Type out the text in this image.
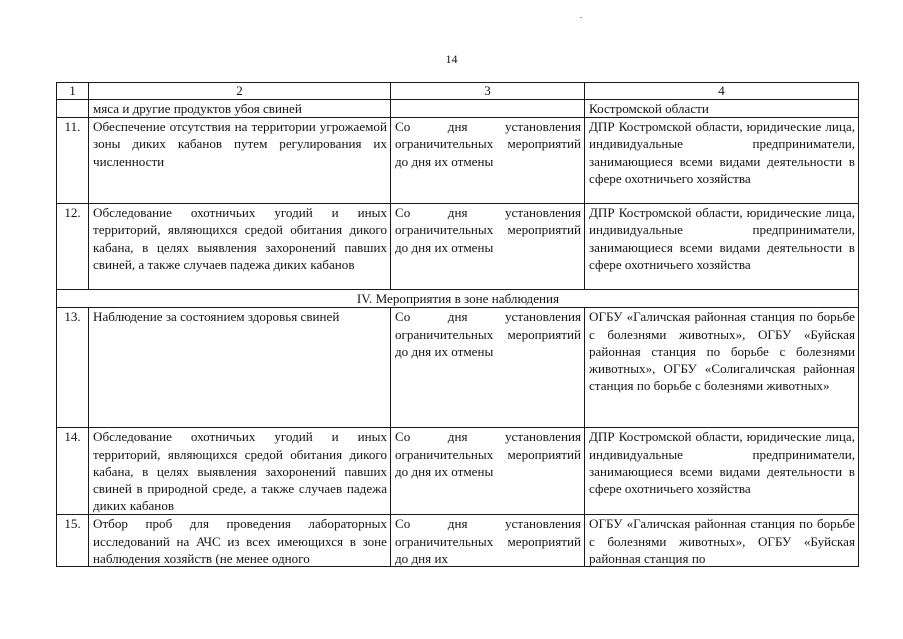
14
1	2	3	4
	мяса и другие продуктов убоя свиней		Костромской области
11.	Обеспечение отсутствия на территории угрожаемой зоны диких кабанов путем регулирования их численности	Со дня установления ограничительных мероприятий до дня их отмены	ДПР Костромской области, юридические лица, индивидуальные предприниматели, занимающиеся всеми видами деятельности в сфере охотничьего хозяйства
12.	Обследование охотничьих угодий и иных территорий, являющихся средой обитания дикого кабана, в целях выявления захоронений павших свиней, а также случаев падежа диких кабанов	Со дня установления ограничительных мероприятий до дня их отмены	ДПР Костромской области, юридические лица, индивидуальные предприниматели, занимающиеся всеми видами деятельности в сфере охотничьего хозяйства
IV. Мероприятия в зоне наблюдения			
13.	Наблюдение за состоянием здоровья свиней	Со дня установления ограничительных мероприятий до дня их отмены	ОГБУ «Галичская районная станция по борьбе с болезнями животных», ОГБУ «Буйская районная станция по борьбе с болезнями животных», ОГБУ «Солигаличская районная станция по борьбе с болезнями животных»
14.	Обследование охотничьих угодий и иных территорий, являющихся средой обитания дикого кабана, в целях выявления захоронений павших свиней в природной среде, а также случаев падежа диких кабанов	Со дня установления ограничительных мероприятий до дня их отмены	ДПР Костромской области, юридические лица, индивидуальные предприниматели, занимающиеся всеми видами деятельности в сфере охотничьего хозяйства

15.	Отбор проб для проведения лабораторных исследований на АЧС из всех имеющихся в зоне наблюдения хозяйств (не менее одного	Со дня установления ограничительных мероприятий до дня их	ОГБУ «Галичская районная станция по борьбе с болезнями животных», ОГБУ «Буйская районная станция по
